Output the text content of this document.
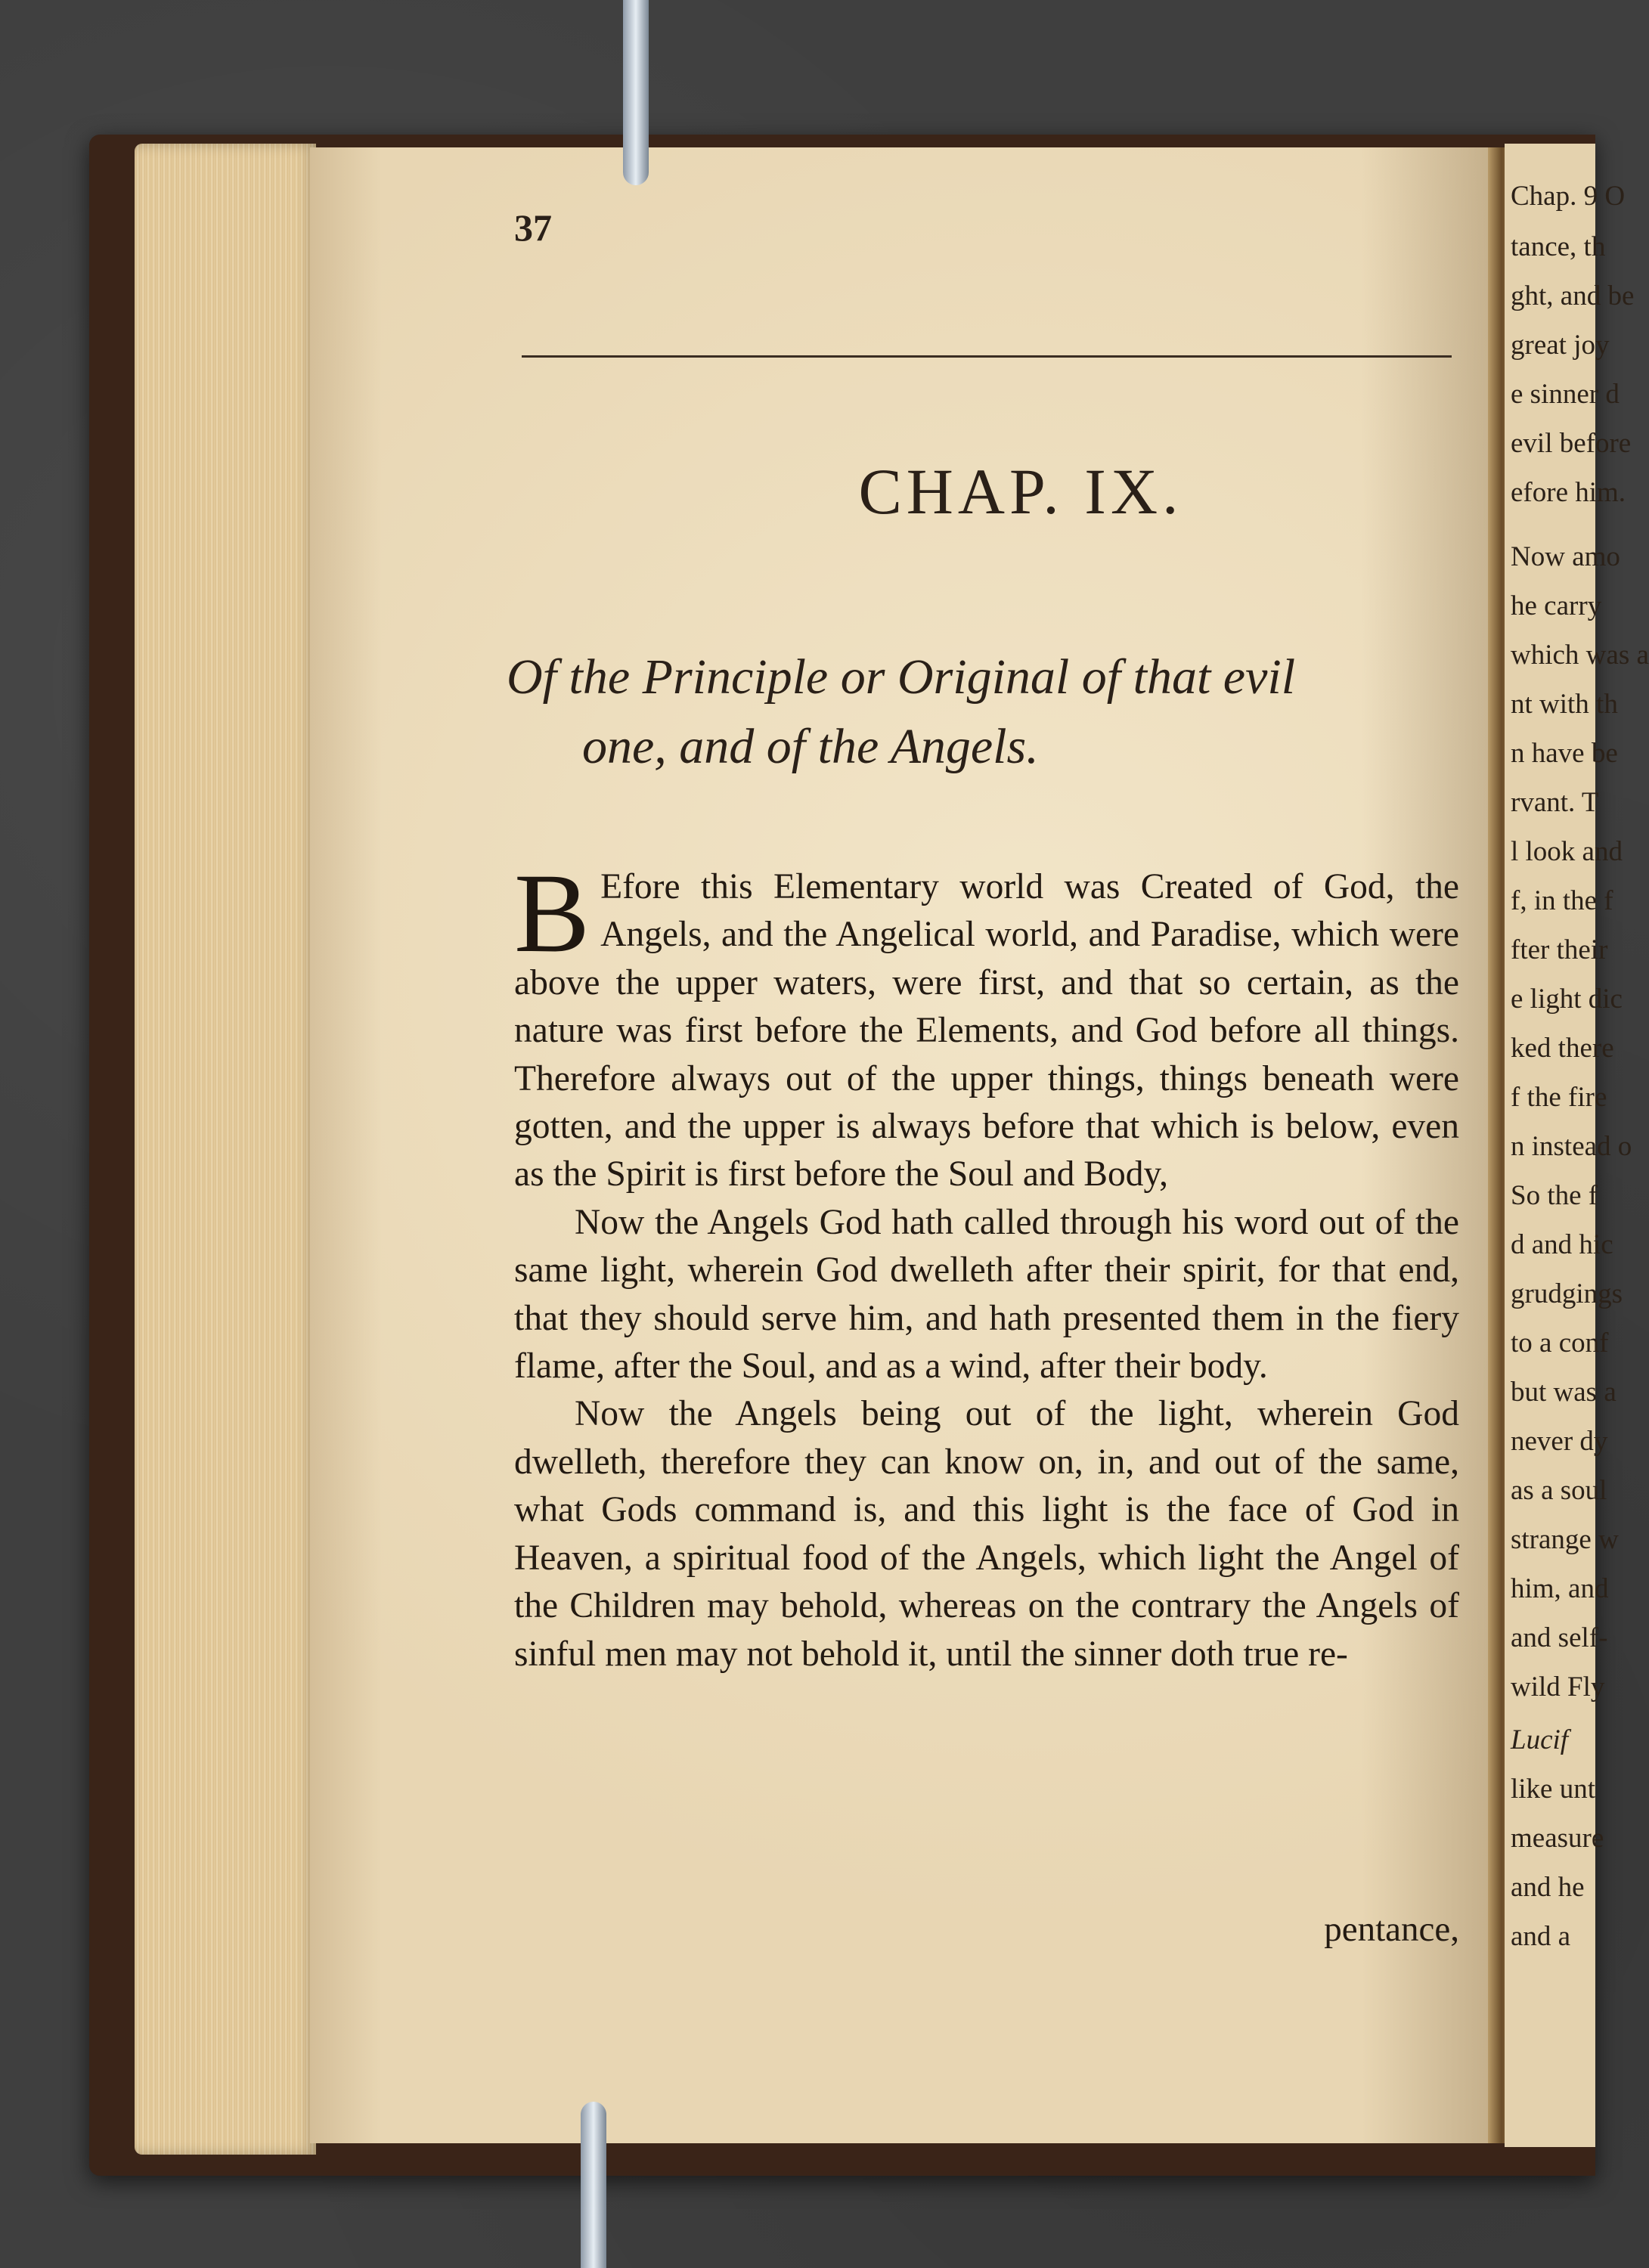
Chap. 9 O
tance, th
ght, and be
great joy
e sinner d
evil before
efore him.
Now amo
he carry
which was a
nt with th
n have be
rvant. T
l look and
f, in the f
fter their
e light dic
ked there
f the fire
n instead o
So the f
d and hic
grudgings
to a conf
but was a
never dy
as a soul
strange w
him, and
and self-
wild Fly
Lucif
like unt
measure
and he
and a
37
CHAP. IX.
Of the Principle or Original of that evil
one, and of the Angels.

B Efore this Elementary world was Created of God, the Angels, and the Angelical world, and Paradise, which were above the upper waters, were first, and that so certain, as the nature was first before the Elements, and God before all things. Therefore always out of the upper things, things beneath were gotten, and the upper is always before that which is below, even as the Spirit is first before the Soul and Body,

Now the Angels God hath called through his word out of the same light, wherein God dwelleth after their spirit, for that end, that they should serve him, and hath presented them in the fiery flame, after the Soul, and as a wind, after their body.

Now the Angels being out of the light, wherein God dwelleth, therefore they can know on, in, and out of the same, what Gods command is, and this light is the face of God in Heaven, a spiritual food of the Angels, which light the Angel of the Children may behold, whereas on the contrary the Angels of sinful men may not behold it, until the sinner doth true re-

pentance,
